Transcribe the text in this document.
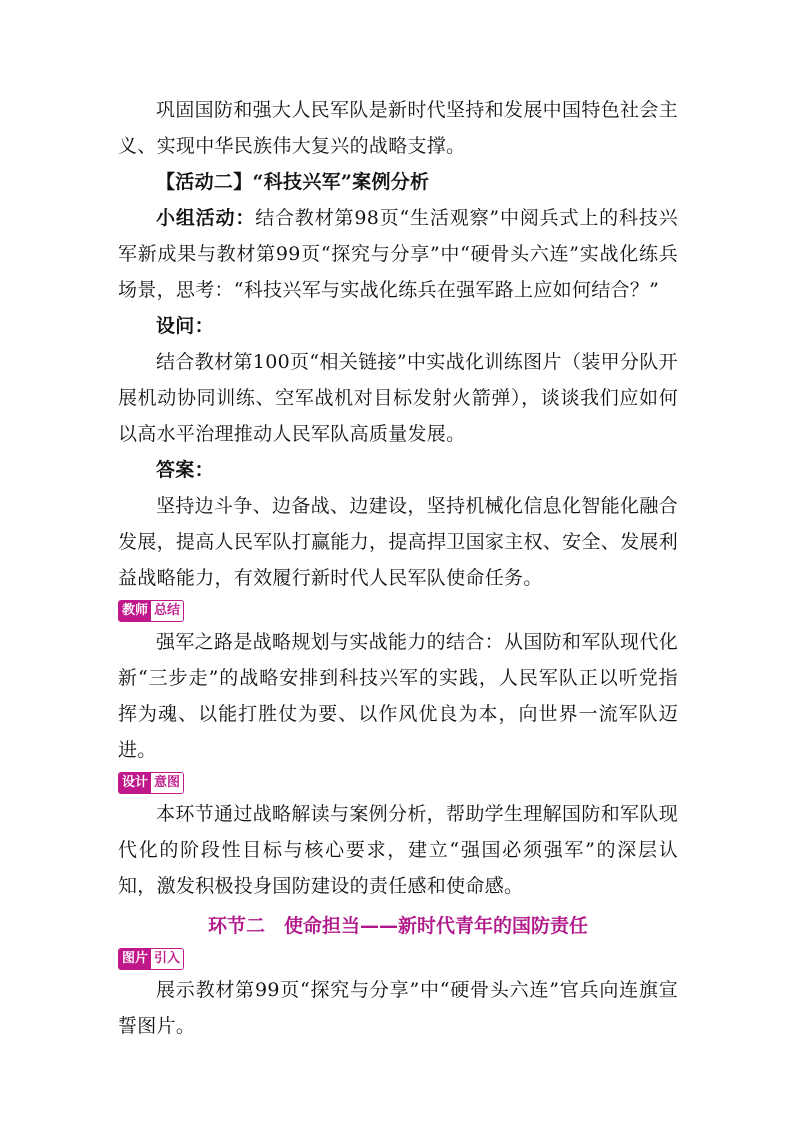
巩固国防和强大人民军队是新时代坚持和发展中国特色社会主义、实现中华民族伟大复兴的战略支撑。

【活动二】“科技兴军”案例分析

小组活动：结合教材第98页“生活观察”中阅兵式上的科技兴军新成果与教材第99页“探究与分享”中“硬骨头六连”实战化练兵场景，思考：“科技兴军与实战化练兵在强军路上应如何结合？”

设问：

结合教材第100页“相关链接”中实战化训练图片（装甲分队开展机动协同训练、空军战机对目标发射火箭弹），谈谈我们应如何以高水平治理推动人民军队高质量发展。

答案：

坚持边斗争、边备战、边建设，坚持机械化信息化智能化融合发展，提高人民军队打赢能力，提高捍卫国家主权、安全、发展利益战略能力，有效履行新时代人民军队使命任务。

教师 总结

强军之路是战略规划与实战能力的结合：从国防和军队现代化新“三步走”的战略安排到科技兴军的实践，人民军队正以听党指挥为魂、以能打胜仗为要、以作风优良为本，向世界一流军队迈进。

设计 意图

本环节通过战略解读与案例分析，帮助学生理解国防和军队现代化的阶段性目标与核心要求，建立“强国必须强军”的深层认知，激发积极投身国防建设的责任感和使命感。

环节二　使命担当——新时代青年的国防责任

图片 引入

展示教材第99页“探究与分享”中“硬骨头六连”官兵向连旗宣誓图片。
